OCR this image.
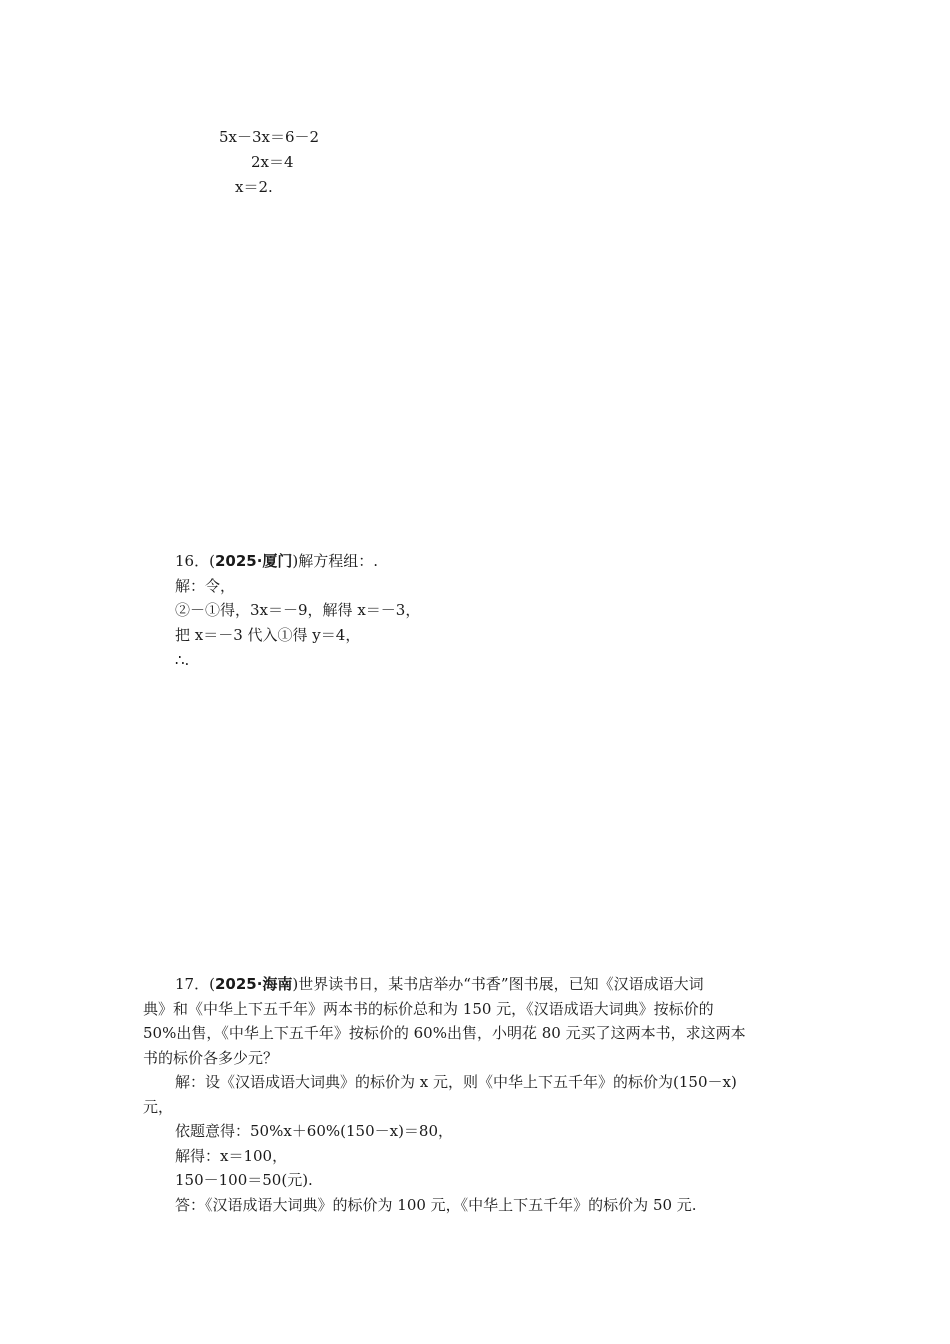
5x－3x＝6－2
2x＝4
x＝2.
16．(2025·厦门)解方程组：.
解：令，
②－①得，3x＝－9，解得 x＝－3，
把 x＝－3 代入①得 y＝4，
∴.
17．(2025·海南)世界读书日，某书店举办“书香”图书展，已知《汉语成语大词
典》和《中华上下五千年》两本书的标价总和为 150 元，《汉语成语大词典》按标价的
50%出售，《中华上下五千年》按标价的 60%出售，小明花 80 元买了这两本书，求这两本
书的标价各多少元？
解：设《汉语成语大词典》的标价为 x 元，则《中华上下五千年》的标价为(150－x)
元，
依题意得：50%x＋60%(150－x)＝80，
解得：x＝100，
150－100＝50(元).
答：《汉语成语大词典》的标价为 100 元，《中华上下五千年》的标价为 50 元.
